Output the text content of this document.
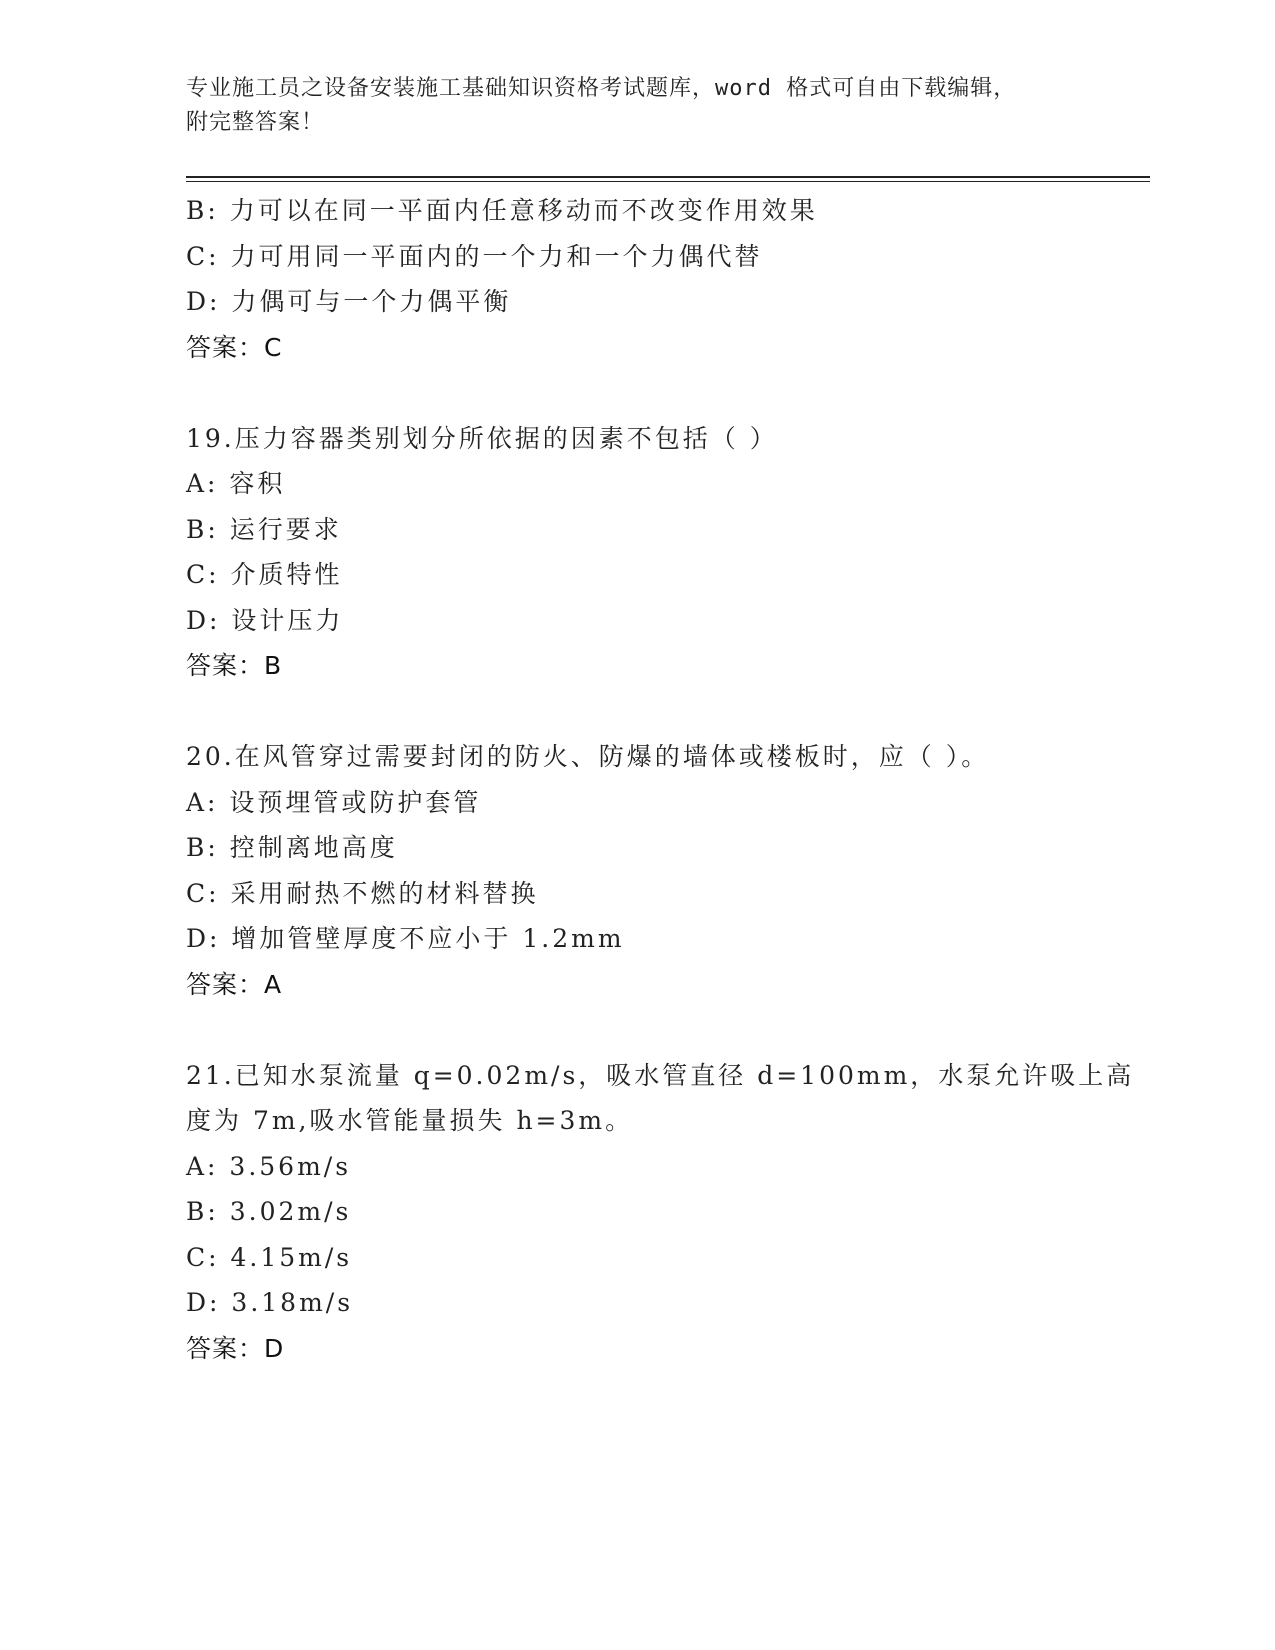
专业施工员之设备安装施工基础知识资格考试题库，word 格式可自由下载编辑，
附完整答案！
B: 力可以在同一平面内任意移动而不改变作用效果
C: 力可用同一平面内的一个力和一个力偶代替
D: 力偶可与一个力偶平衡
答案：C
19.压力容器类别划分所依据的因素不包括（ ）
A: 容积
B: 运行要求
C: 介质特性
D: 设计压力
答案：B
20.在风管穿过需要封闭的防火、防爆的墙体或楼板时，应（ ）。
A: 设预埋管或防护套管
B: 控制离地高度
C: 采用耐热不燃的材料替换
D: 增加管壁厚度不应小于 1.2mm
答案：A
21.已知水泵流量 q=0.02m/s，吸水管直径 d=100mm，水泵允许吸上高
度为 7m,吸水管能量损失 h=3m。
A: 3.56m/s
B: 3.02m/s
C: 4.15m/s
D: 3.18m/s
答案：D
